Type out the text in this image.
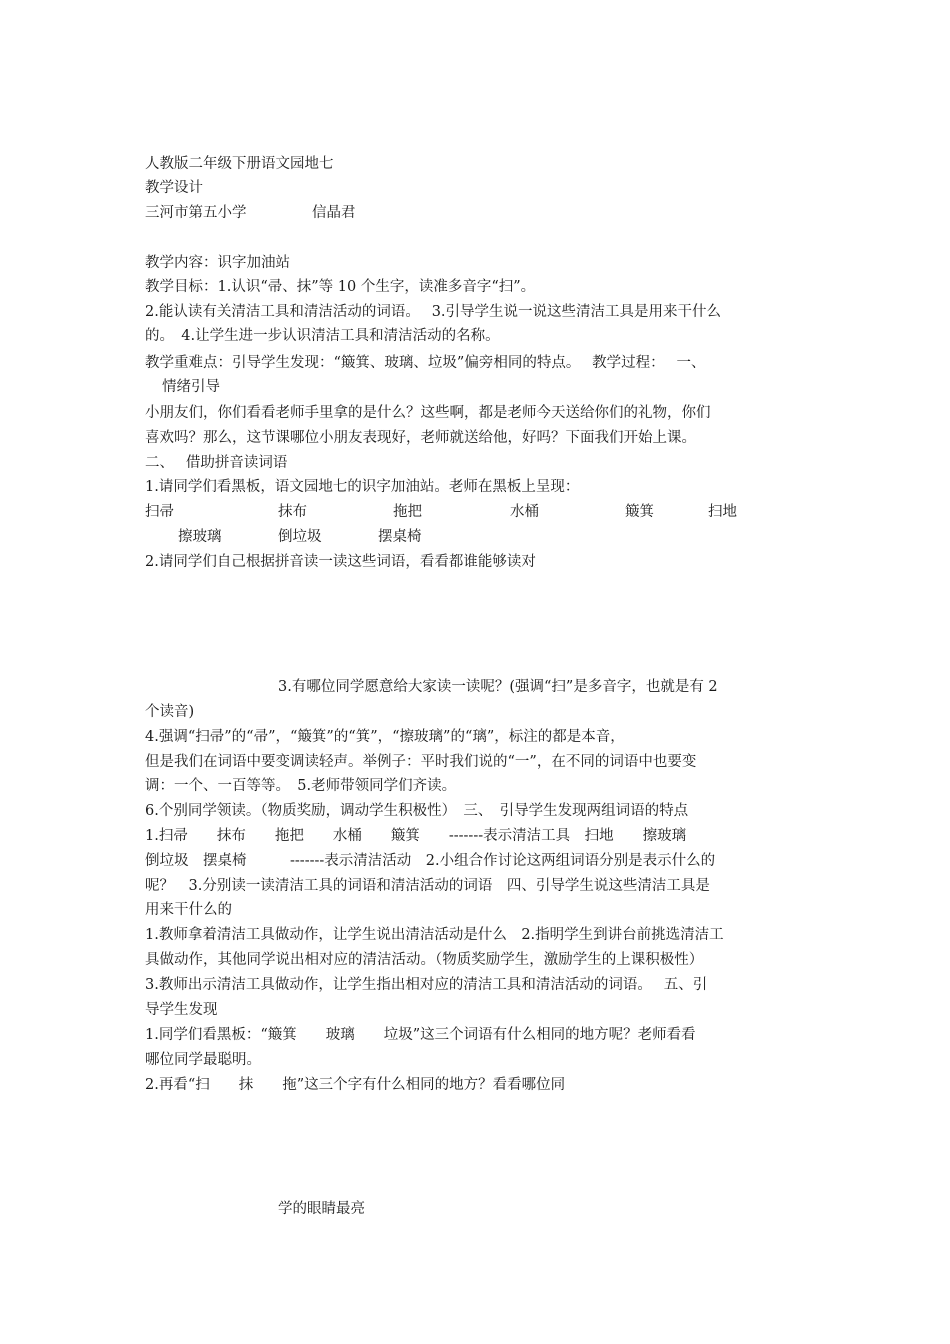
人教版二年级下册语文园地七
教学设计
三河市第五小学	信晶君
教学内容：识字加油站
教学目标：1.认识“帚、抹”等 10 个生字，读准多音字“扫”。
2.能认读有关清洁工具和清洁活动的词语。　 3.引导学生说一说这些清洁工具是用来干什么
的。　4.让学生进一步认识清洁工具和清洁活动的名称。
教学重难点：引导学生发现：“簸箕、玻璃、垃圾”偏旁相同的特点。　 教学过程：　 一、
情绪引导
小朋友们，你们看看老师手里拿的是什么？这些啊，都是老师今天送给你们的礼物，你们
喜欢吗？那么，这节课哪位小朋友表现好，老师就送给他，好吗？下面我们开始上课。
二、　 借助拼音读词语
1.请同学们看黑板，语文园地七的识字加油站。老师在黑板上呈现：
扫帚	抹布	拖把	水桶	簸箕	扫地
擦玻璃	倒垃圾	摆桌椅
2.请同学们自己根据拼音读一读这些词语，看看都谁能够读对
3.有哪位同学愿意给大家读一读呢？(强调“扫”是多音字，也就是有 2
个读音)
4.强调“扫帚”的“帚”，“簸箕”的“箕”，“擦玻璃”的“璃”，标注的都是本音，
但是我们在词语中要变调读轻声。举例子：平时我们说的“一”，在不同的词语中也要变
调：一个、一百等等。　5.老师带领同学们齐读。
6.个别同学领读。（物质奖励，调动学生积极性）　三、　引导学生发现两组词语的特点
1.扫帚　　抹布　　拖把　　水桶　　簸箕　　-------表示清洁工具　扫地　　擦玻璃
倒垃圾　摆桌椅　　　-------表示清洁活动　2.小组合作讨论这两组词语分别是表示什么的
呢？　3.分别读一读清洁工具的词语和清洁活动的词语　四、引导学生说这些清洁工具是
用来干什么的
1.教师拿着清洁工具做动作，让学生说出清洁活动是什么　2.指明学生到讲台前挑选清洁工
具做动作，其他同学说出相对应的清洁活动。（物质奖励学生，激励学生的上课积极性）
3.教师出示清洁工具做动作，让学生指出相对应的清洁工具和清洁活动的词语。　 五、引
导学生发现
1.同学们看黑板：“簸箕　　玻璃　　垃圾”这三个词语有什么相同的地方呢？老师看看
哪位同学最聪明。
2.再看“扫　　抹　　拖”这三个字有什么相同的地方？看看哪位同
学的眼睛最亮
